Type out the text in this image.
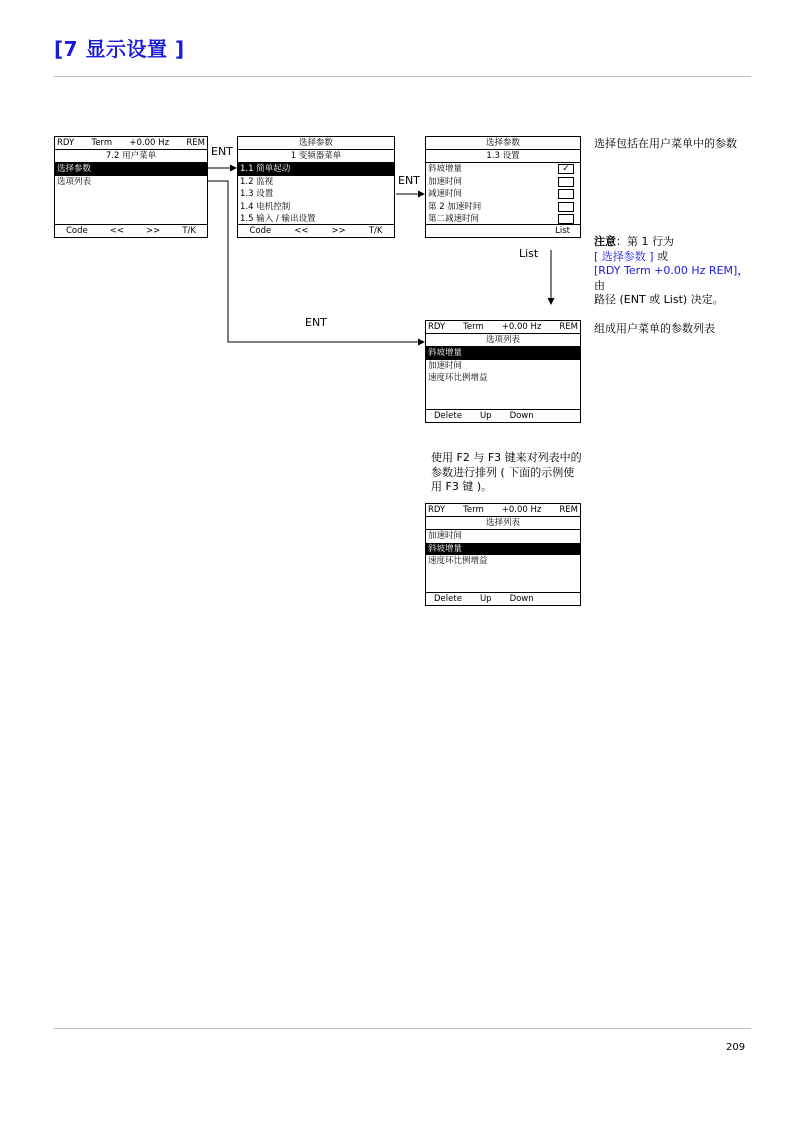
[7 显示设置 ]
RDY Term +0.00 Hz REM
7.2 用户菜单
选择参数
选项列表
Code	<<	>>	T/K
ENT
选择参数
1 变频器菜单
1.1 简单起动
1.2 监视
1.3 设置
1.4 电机控制
1.5 输入 / 输出设置
Code	<<	>>	T/K
ENT
选择参数
1.3 设置
斜坡增量	✓
加速时间
减速时间
第 2 加速时间
第二减速时间
List
List
ENT	RDY Term +0.00 Hz REM
选项列表
斜坡增量
加速时间
速度环比例增益
Delete Up Down
RDY Term +0.00 Hz REM
选择列表
加速时间
斜坡增量
速度环比例增益
Delete Up Down
选择包括在用户菜单中的参数
注意：第 1 行为
[ 选择参数 ] 或
[RDY Term +0.00 Hz REM]，由
路径 (ENT 或 List) 决定。
组成用户菜单的参数列表
使用 F2 与 F3 键来对列表中的
参数进行排列 ( 下面的示例使
用 F3 键 )。
209
